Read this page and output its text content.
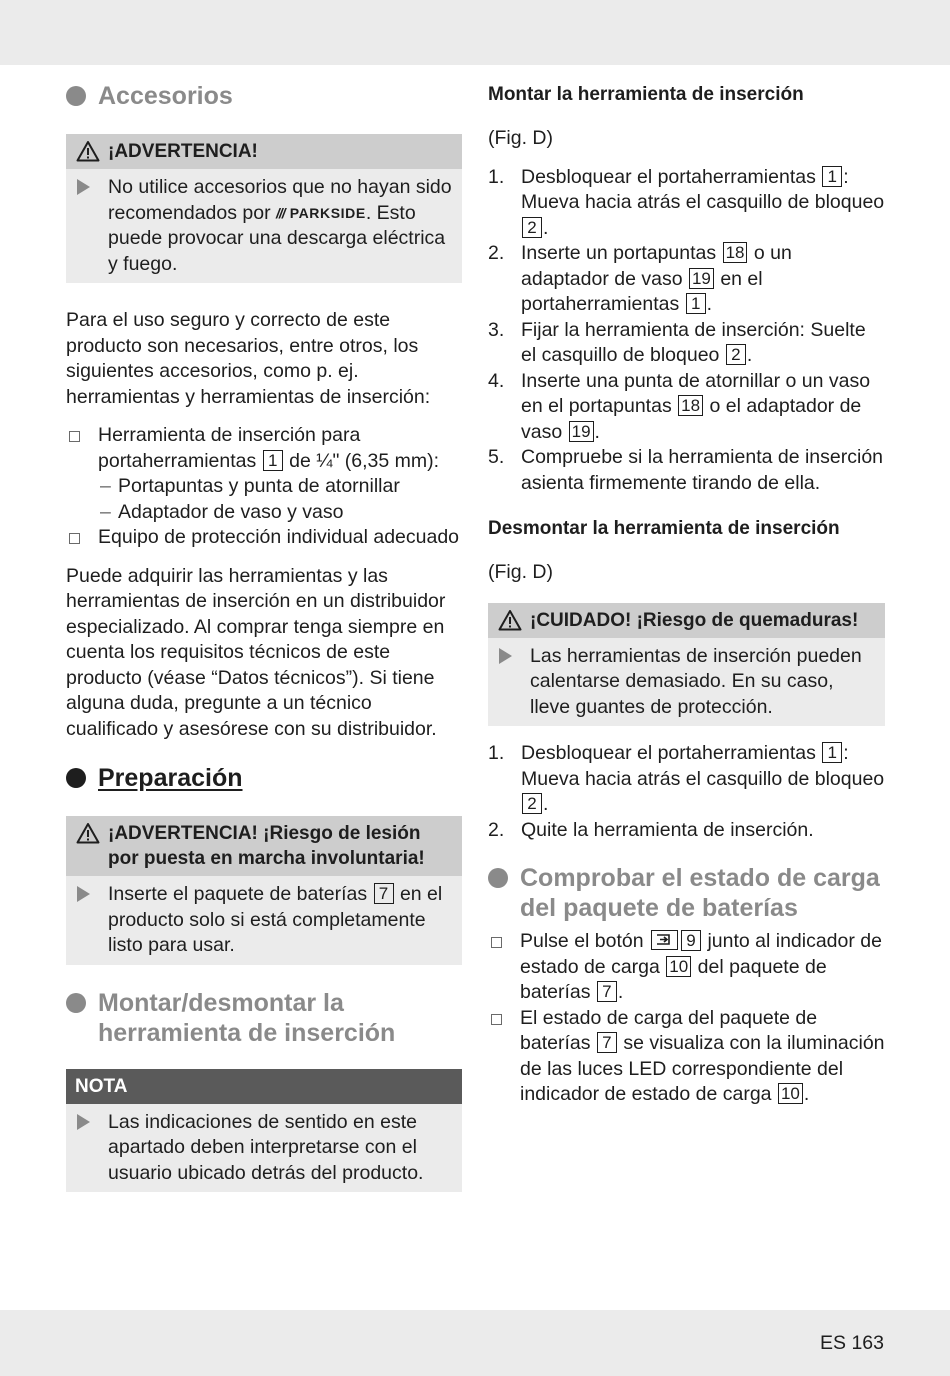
Accesorios
¡ADVERTENCIA!
No utilice accesorios que no hayan sido recomendados por /// PARKSIDE. Esto puede provocar una descarga eléctrica y fuego.

Para el uso seguro y correcto de este producto son necesarios, entre otros, los siguientes accesorios, como p. ej. herramientas y herramientas de inserción:

Herramienta de inserción para portaherramientas 1 de ¼" (6,35 mm):
– Portapuntas y punta de atornillar
– Adaptador de vaso y vaso
Equipo de protección individual adecuado

Puede adquirir las herramientas y las herramientas de inserción en un distribuidor especializado. Al comprar tenga siempre en cuenta los requisitos técnicos de este producto (véase “Datos técnicos”). Si tiene alguna duda, pregunte a un técnico cualificado y asesórese con su distribuidor.

Preparación
¡ADVERTENCIA! ¡Riesgo de lesión por puesta en marcha involuntaria!
Inserte el paquete de baterías 7 en el producto solo si está completamente listo para usar.
Montar/desmontar la herramienta de inserción
NOTA
Las indicaciones de sentido en este apartado deben interpretarse con el usuario ubicado detrás del producto.
Montar la herramienta de inserción

(Fig. D)

1. Desbloquear el portaherramientas 1 : Mueva hacia atrás el casquillo de bloqueo 2 .
2. Inserte un portapuntas 18 o un adaptador de vaso 19 en el portaherramientas 1 .
3. Fijar la herramienta de inserción: Suelte el casquillo de bloqueo 2 .
4. Inserte una punta de atornillar o un vaso en el portapuntas 18 o el adaptador de vaso 19 .
5. Compruebe si la herramienta de inserción asienta firmemente tirando de ella.
Desmontar la herramienta de inserción

(Fig. D)

¡CUIDADO! ¡Riesgo de quemaduras!
Las herramientas de inserción pueden calentarse demasiado. En su caso, lleve guantes de protección.
1. Desbloquear el portaherramientas 1 : Mueva hacia atrás el casquillo de bloqueo 2 .
2. Quite la herramienta de inserción.
Comprobar el estado de carga del paquete de baterías
Pulse el botón	9 junto al indicador de estado de carga 10 del paquete de baterías 7 .
El estado de carga del paquete de baterías 7 se visualiza con la iluminación de las luces LED correspondiente del indicador de estado de carga 10 .
ES 163
